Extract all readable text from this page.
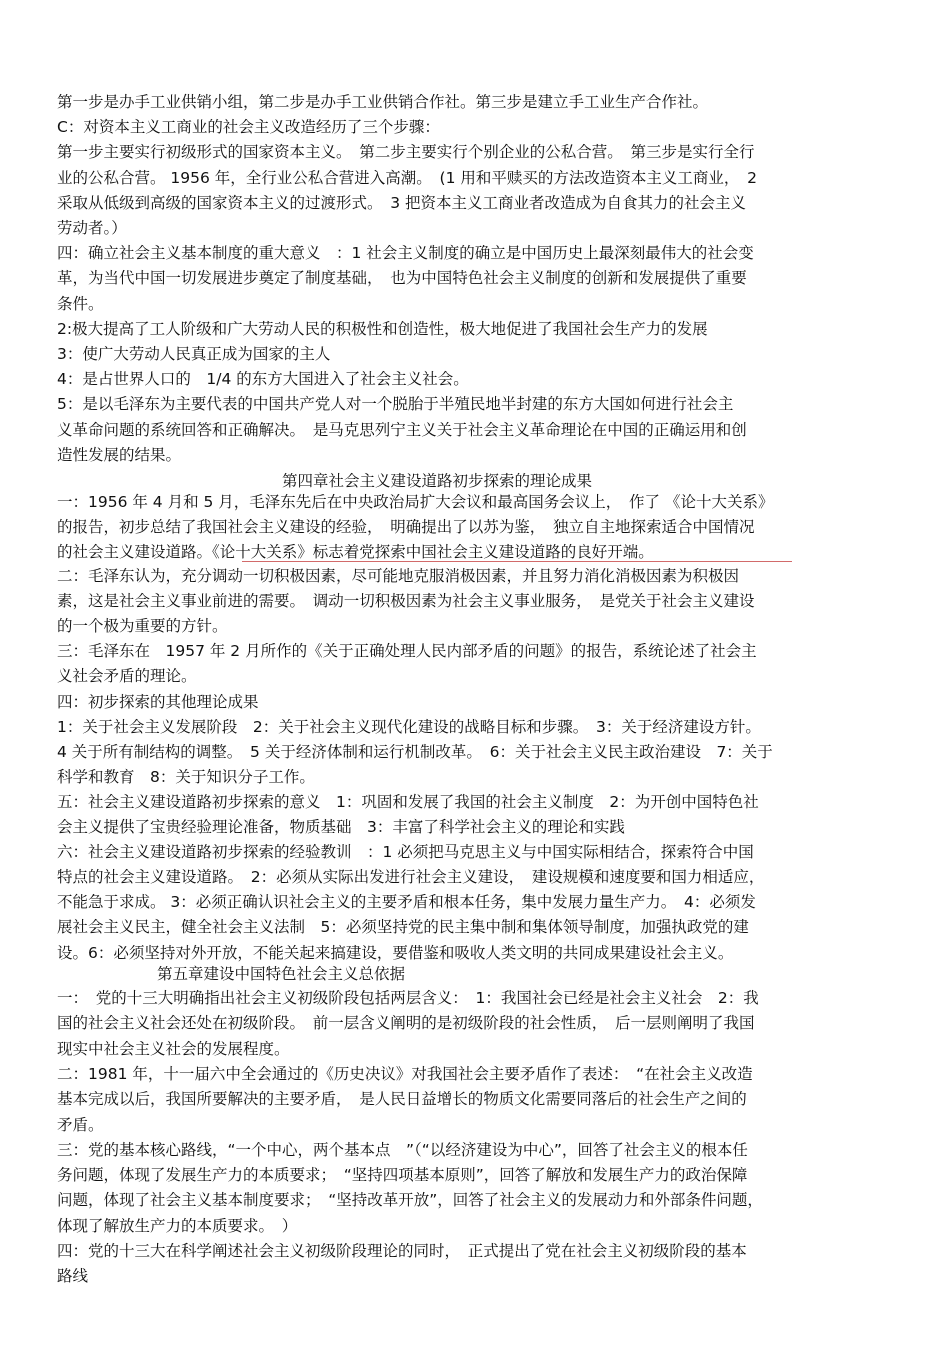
第一步是办手工业供销小组，第二步是办手工业供销合作社。第三步是建立手工业生产合作社。
C：对资本主义工商业的社会主义改造经历了三个步骤：
第一步主要实行初级形式的国家资本主义。　第二步主要实行个别企业的公私合营。　第三步是实行全行
业的公私合营。 1956 年，全行业公私合营进入高潮。　(1 用和平赎买的方法改造资本主义工商业，　2
采取从低级到高级的国家资本主义的过渡形式。　3 把资本主义工商业者改造成为自食其力的社会主义
劳动者。）
四：确立社会主义基本制度的重大意义　：1 社会主义制度的确立是中国历史上最深刻最伟大的社会变
革，为当代中国一切发展进步奠定了制度基础，　也为中国特色社会主义制度的创新和发展提供了重要
条件。
2:极大提高了工人阶级和广大劳动人民的积极性和创造性，极大地促进了我国社会生产力的发展
3：使广大劳动人民真正成为国家的主人
4：是占世界人口的　1/4 的东方大国进入了社会主义社会。
5：是以毛泽东为主要代表的中国共产党人对一个脱胎于半殖民地半封建的东方大国如何进行社会主
义革命问题的系统回答和正确解决。　是马克思列宁主义关于社会主义革命理论在中国的正确运用和创
造性发展的结果。
第四章社会主义建设道路初步探索的理论成果
一：1956 年 4 月和 5 月，毛泽东先后在中央政治局扩大会议和最高国务会议上，　作了 《论十大关系》
的报告，初步总结了我国社会主义建设的经验，　明确提出了以苏为鉴，　独立自主地探索适合中国情况
的社会主义建设道路。《论十大关系》标志着党探索中国社会主义建设道路的良好开端。
二：毛泽东认为，充分调动一切积极因素，尽可能地克服消极因素，并且努力消化消极因素为积极因
素，这是社会主义事业前进的需要。　调动一切积极因素为社会主义事业服务，　是党关于社会主义建设
的一个极为重要的方针。
三：毛泽东在　1957 年 2 月所作的《关于正确处理人民内部矛盾的问题》的报告，系统论述了社会主
义社会矛盾的理论。
四：初步探索的其他理论成果
1：关于社会主义发展阶段　2：关于社会主义现代化建设的战略目标和步骤。　3：关于经济建设方针。
4 关于所有制结构的调整。　5 关于经济体制和运行机制改革。　6：关于社会主义民主政治建设　7：关于
科学和教育　8：关于知识分子工作。
五：社会主义建设道路初步探索的意义　1：巩固和发展了我国的社会主义制度　2：为开创中国特色社
会主义提供了宝贵经验理论准备，物质基础　3：丰富了科学社会主义的理论和实践
六：社会主义建设道路初步探索的经验教训　：1 必须把马克思主义与中国实际相结合，探索符合中国
特点的社会主义建设道路。　2：必须从实际出发进行社会主义建设，　建设规模和速度要和国力相适应，
不能急于求成。 3：必须正确认识社会主义的主要矛盾和根本任务，集中发展力量生产力。　4：必须发
展社会主义民主，健全社会主义法制　5：必须坚持党的民主集中制和集体领导制度，加强执政党的建
设。6：必须坚持对外开放，不能关起来搞建设，要借鉴和吸收人类文明的共同成果建设社会主义。
第五章建设中国特色社会主义总依据
一：　党的十三大明确指出社会主义初级阶段包括两层含义：　1：我国社会已经是社会主义社会　2：我
国的社会主义社会还处在初级阶段。　前一层含义阐明的是初级阶段的社会性质，　后一层则阐明了我国
现实中社会主义社会的发展程度。
二：1981 年，十一届六中全会通过的《历史决议》对我国社会主要矛盾作了表述：　“在社会主义改造
基本完成以后，我国所要解决的主要矛盾，　是人民日益增长的物质文化需要同落后的社会生产之间的
矛盾。
三：党的基本核心路线，“一个中心，两个基本点　”（“以经济建设为中心”，回答了社会主义的根本任
务问题，体现了发展生产力的本质要求；　“坚持四项基本原则”，回答了解放和发展生产力的政治保障
问题，体现了社会主义基本制度要求；　“坚持改革开放”，回答了社会主义的发展动力和外部条件问题，
体现了解放生产力的本质要求。　）
四：党的十三大在科学阐述社会主义初级阶段理论的同时，　正式提出了党在社会主义初级阶段的基本
路线
